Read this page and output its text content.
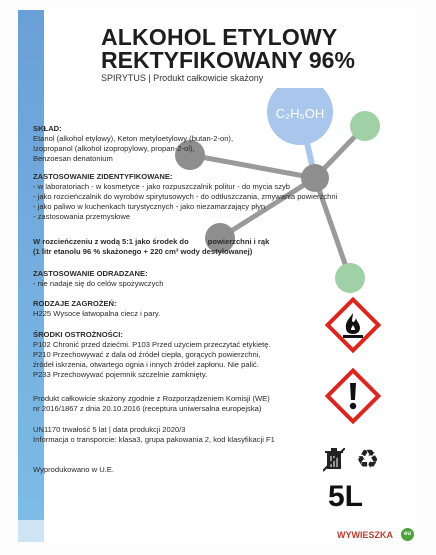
C₂H₅OH
ALKOHOL ETYLOWY
REKTYFIKOWANY 96%
SPIRYTUS | Produkt całkowicie skażony
SKŁAD:
Etanol (alkohol etylowy), Keton metyloetylowy (butan-2-on),
Izopropanol (alkohol izopropylowy, propan-2-ol),
Benzoesan denatonium
ZASTOSOWANIE ZIDENTYFIKOWANE:
- w laboratoriach - w kosmetyce - jako rozpuszczalnik politur - do mycia szyb
- jako rozcieńczalnik do wyrobów spirytusowych - do odtłuszczania, zmywania powierzchni
- jako paliwo w kuchenkach turystycznych - jako niezamarzający płyn
- zastosowania przemysłowe
W rozcieńczeniu z wodą 5:1 jako środek do         powierzchni i rąk
(1 litr etanolu 96 % skażonego + 220 cm³ wody destylowanej)
ZASTOSOWANIE ODRADZANE:
- nie nadaje się do celów spożywczych
RODZAJE ZAGROŻEŃ:
H225 Wysoce łatwopalna ciecz i pary.
ŚRODKI OSTROŻNOŚCI:
P102 Chronić przed dziećmi. P103 Przed użyciem przeczytać etykietę.
P210 Przechowywać z dala od źródeł ciepła, gorących powierzchni,
źródeł iskrzenia, otwartego ognia i innych źródeł zapłonu. Nie palić.
P233 Przechowywać pojemnik szczelnie zamknięty.
Produkt całkowicie skażony zgodnie z Rozporządzeniem Komisji (WE)
nr 2016/1867 z dnia 20.10.2016 (receptura uniwersalna europejska)
UN1170 trwałość 5 lat | data produkcji 2020/3
Informacja o transporcie: klasa3, grupa pakowania 2, kod klasyfikacji F1
Wyprodukowano w U.E.	♻
5L
WYWIESZKA	eu
